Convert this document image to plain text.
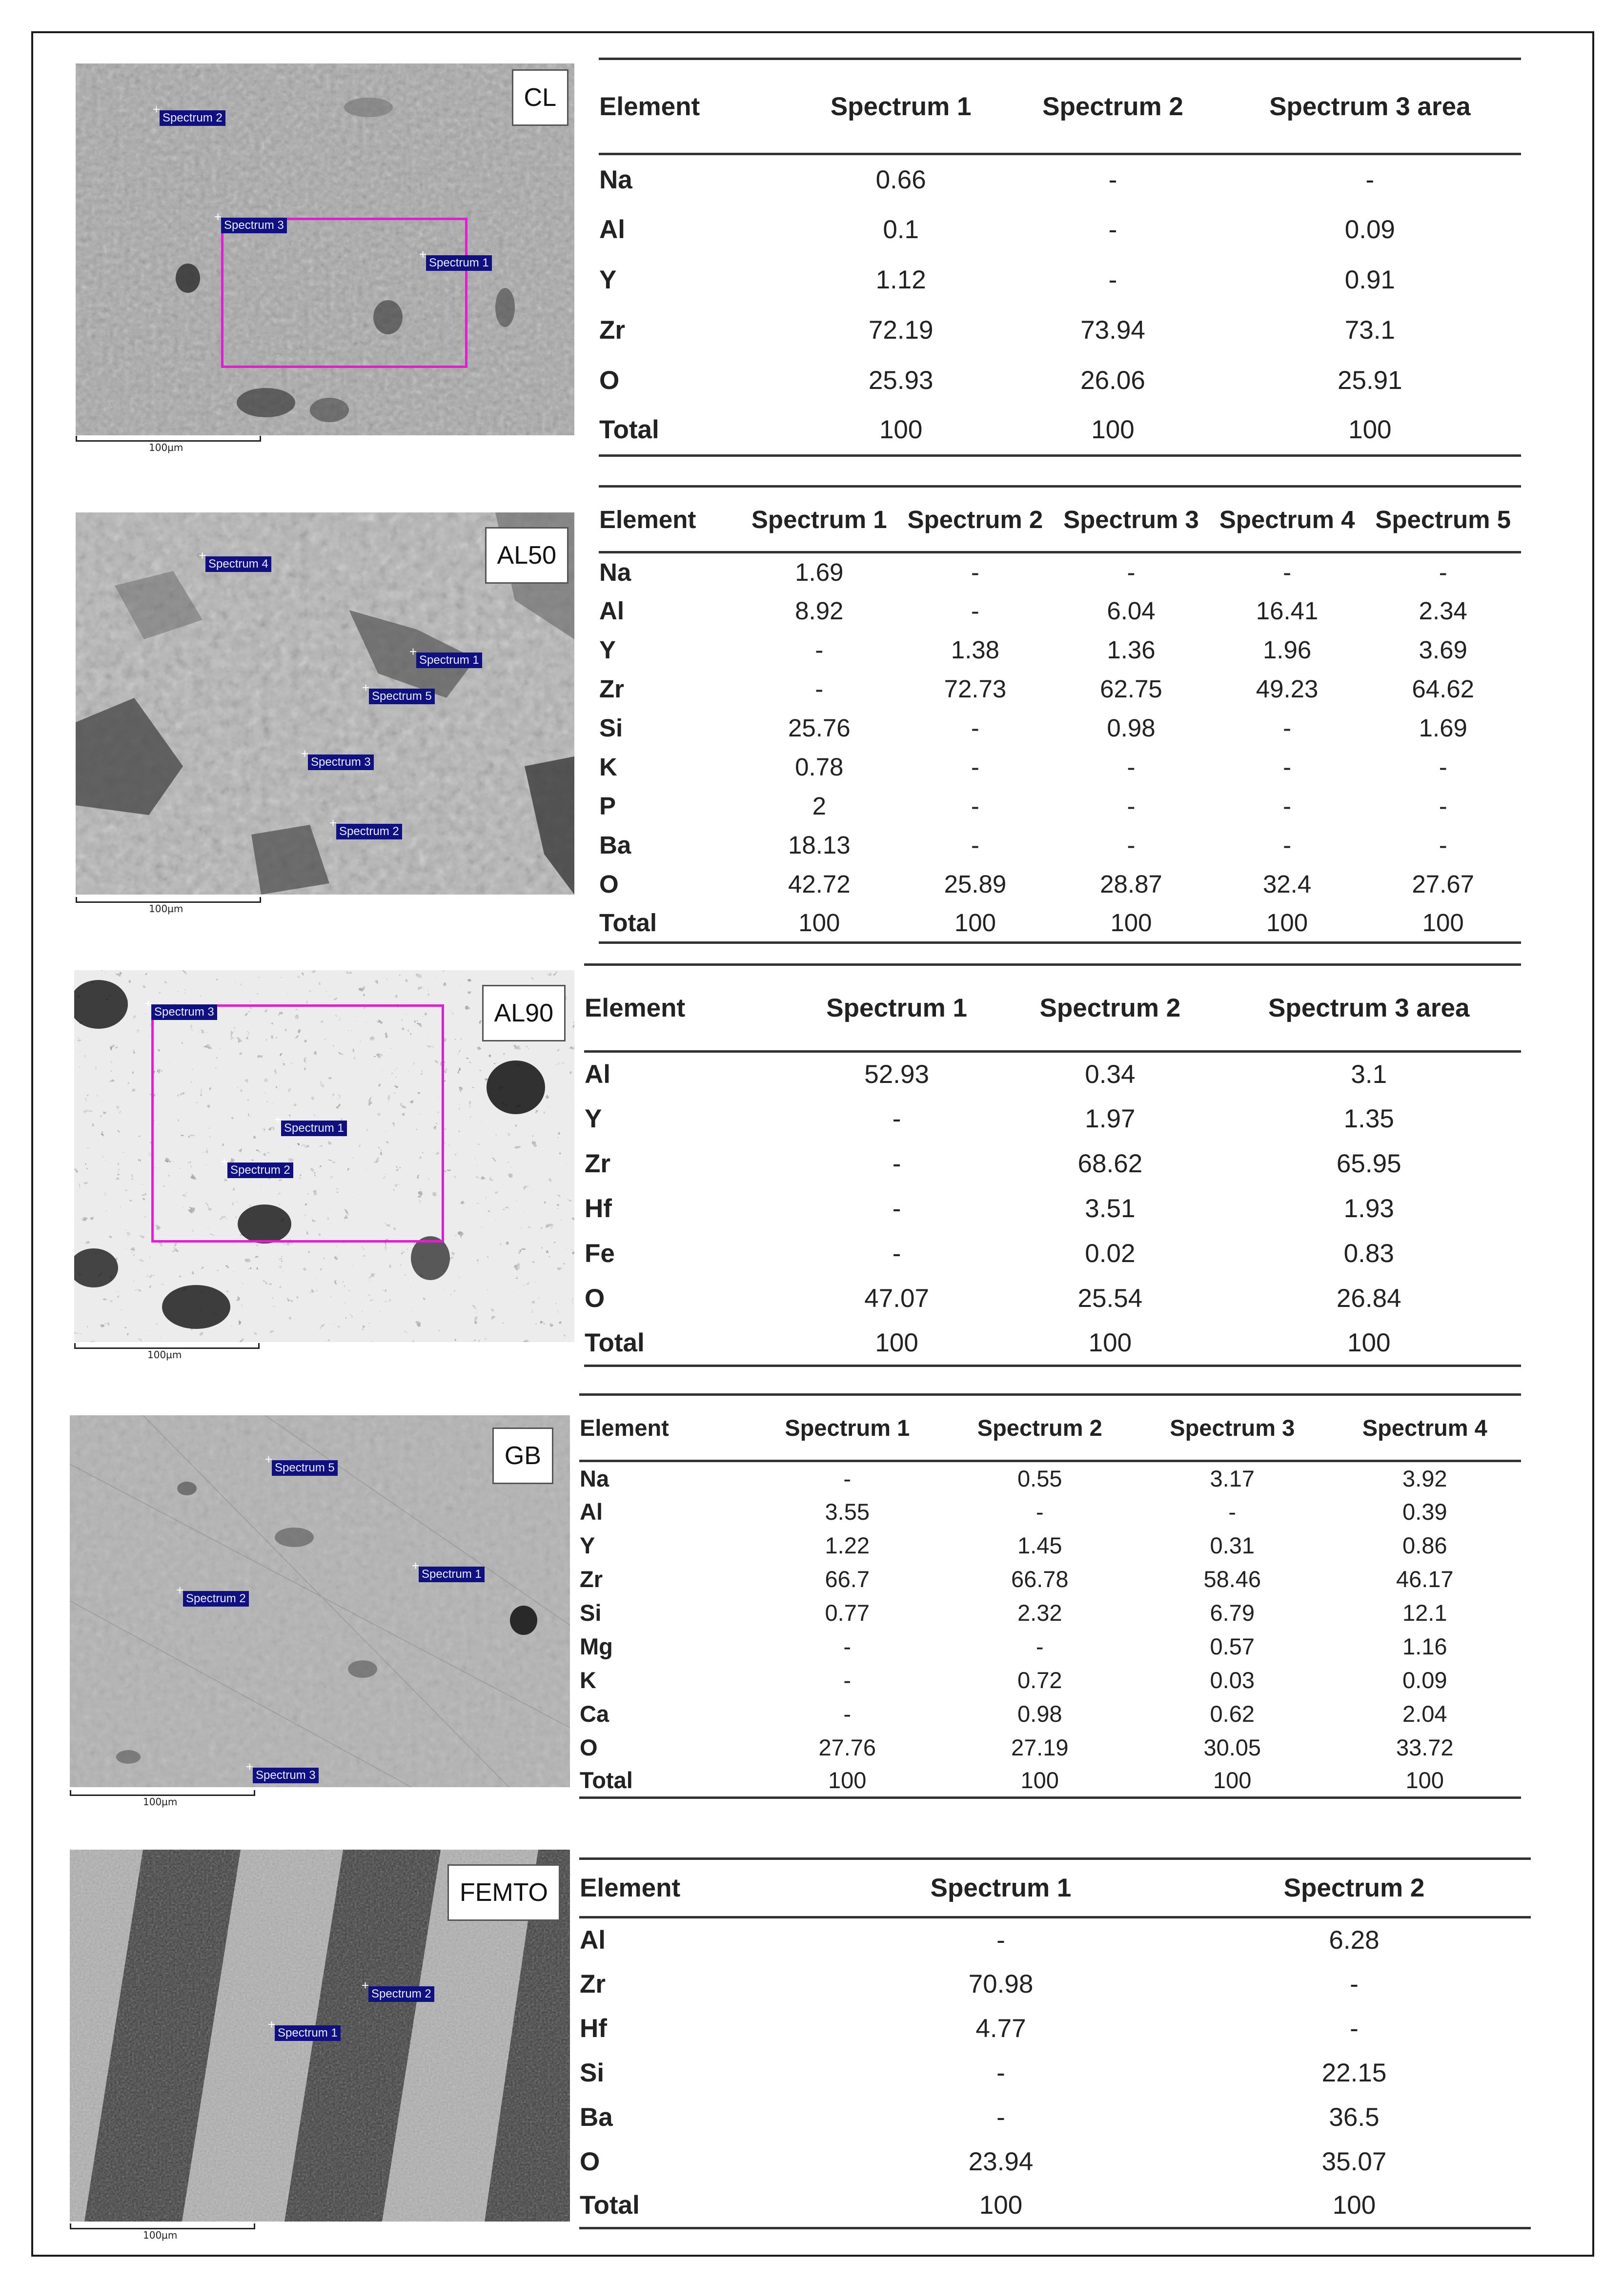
+ Spectrum 2
+ Spectrum 3
+ Spectrum 1
CL
100µm
Element	Spectrum 1	Spectrum 2	Spectrum 3 area
Na	0.66	-	-
Al	0.1	-	0.09
Y	1.12	-	0.91
Zr	72.19	73.94	73.1
O	25.93	26.06	25.91
Total	100	100	100
+ Spectrum 4
+ Spectrum 1
+ Spectrum 5
+ Spectrum 3
+ Spectrum 2
AL50
100µm
Element	Spectrum 1	Spectrum 2	Spectrum 3	Spectrum 4	Spectrum 5
Na	1.69	-	-	-	-
Al	8.92	-	6.04	16.41	2.34
Y	-	1.38	1.36	1.96	3.69
Zr	-	72.73	62.75	49.23	64.62
Si	25.76	-	0.98	-	1.69
K	0.78	-	-	-	-
P	2	-	-	-	-
Ba	18.13	-	-	-	-
O	42.72	25.89	28.87	32.4	27.67
Total	100	100	100	100	100
+ Spectrum 3
+ Spectrum 1
+ Spectrum 2
AL90
100µm
Element	Spectrum 1	Spectrum 2	Spectrum 3 area
Al	52.93	0.34	3.1
Y	-	1.97	1.35
Zr	-	68.62	65.95
Hf	-	3.51	1.93
Fe	-	0.02	0.83
O	47.07	25.54	26.84
Total	100	100	100
+ Spectrum 5
+ Spectrum 1
+ Spectrum 2
+ Spectrum 3
GB
100µm
Element	Spectrum 1	Spectrum 2	Spectrum 3	Spectrum 4
Na	-	0.55	3.17	3.92
Al	3.55	-	-	0.39
Y	1.22	1.45	0.31	0.86
Zr	66.7	66.78	58.46	46.17
Si	0.77	2.32	6.79	12.1
Mg	-	-	0.57	1.16
K	-	0.72	0.03	0.09
Ca	-	0.98	0.62	2.04
O	27.76	27.19	30.05	33.72
Total	100	100	100	100
+ Spectrum 2
+ Spectrum 1
FEMTO
100µm
Element	Spectrum 1	Spectrum 2
Al	-	6.28
Zr	70.98	-
Hf	4.77	-
Si	-	22.15
Ba	-	36.5
O	23.94	35.07
Total	100	100
